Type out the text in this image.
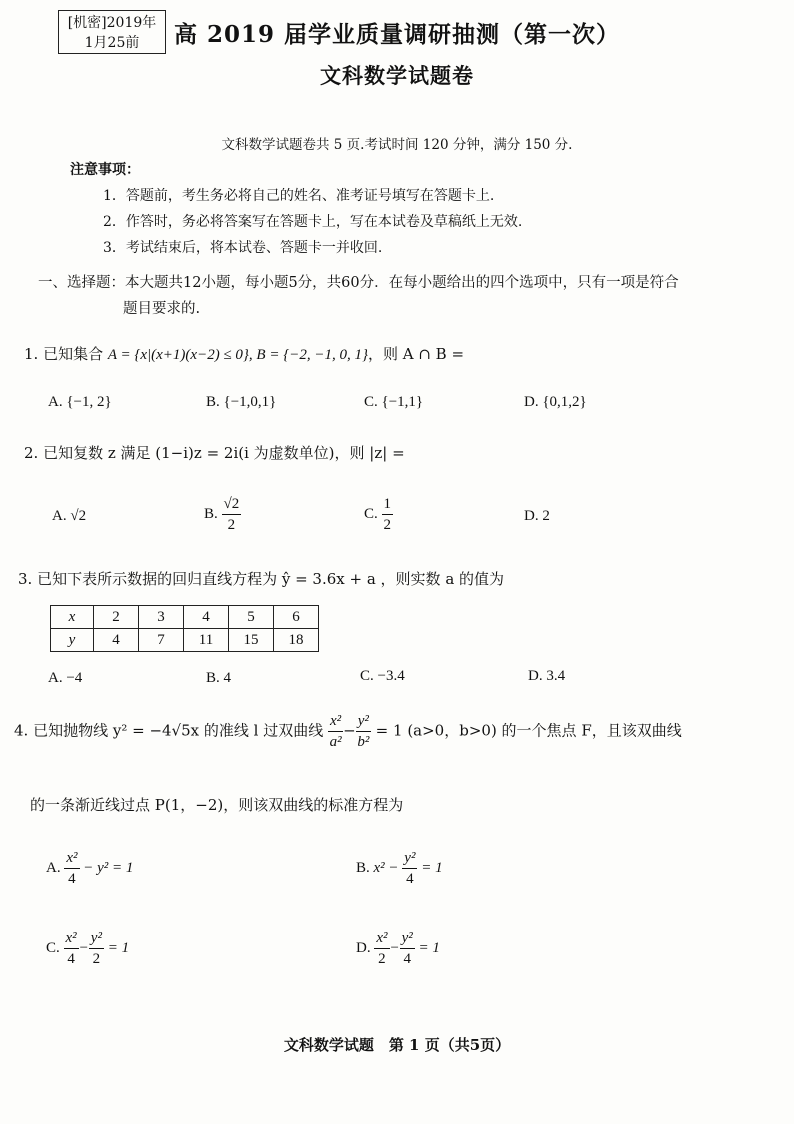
[机密]2019年
1月25前	高 2019 届学业质量调研抽测（第一次）
文科数学试题卷
文科数学试题卷共 5 页.考试时间 120 分钟，满分 150 分.
注意事项：
1．答题前，考生务必将自己的姓名、准考证号填写在答题卡上.
2．作答时，务必将答案写在答题卡上，写在本试卷及草稿纸上无效.
3．考试结束后，将本试卷、答题卡一并收回.
一、选择题：本大题共12小题，每小题5分，共60分．在每小题给出的四个选项中，只有一项是符合
题目要求的.
1. 已知集合 A = {x|(x+1)(x−2) ≤ 0}, B = {−2, −1, 0, 1}，则 A ∩ B =
A. {−1, 2}	B. {−1,0,1}	C. {−1,1}	D. {0,1,2}
2. 已知复数 z 满足 (1−i)z = 2i(i 为虚数单位)，则 |z| =
A. √2	B. $\frac{√2}{2}$	C. $\frac{1}{2}$	D. 2
3. 已知下表所示数据的回归直线方程为 ŷ = 3.6x + a ，则实数 a 的值为
x	2	3	4	5	6
y	4	7	11	15	18
A. −4	B. 4	C. −3.4	D. 3.4
4. 已知抛物线 y² = −4√5x 的准线 l 过双曲线 $\frac{\text{x²}}{\text{a²}} - \frac{\text{y²}}{\text{b²}} = 1$ (a>0，b>0) 的一个焦点 F，且该双曲线
的一条渐近线过点 P(1，−2)，则该双曲线的标准方程为
A. $\frac{\text{x²}}{4} - y^2 = 1$	B. $x^2 - \frac{\text{y²}}{4} = 1$
C. $\frac{\text{x²}}{4} - \frac{\text{y²}}{2} = 1$	D. $\frac{\text{x²}}{2} - \frac{\text{y²}}{4} = 1$
文科数学试题　第 1 页（共5页）
